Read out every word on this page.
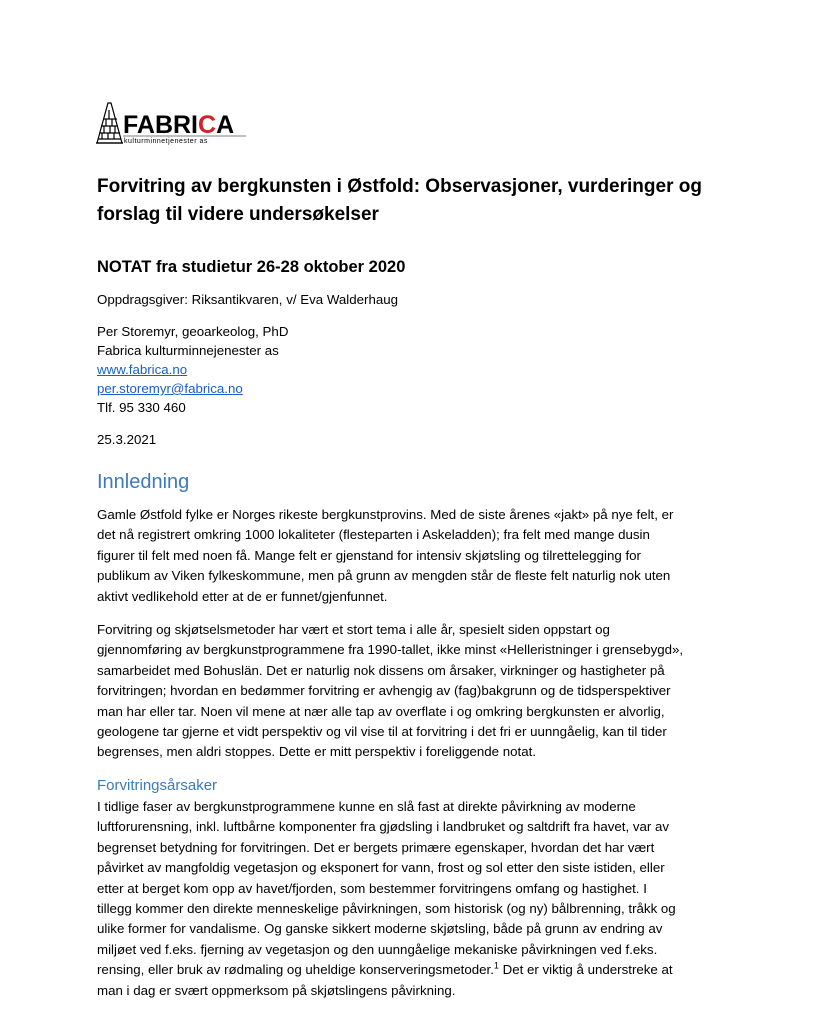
FABRICA
kulturminnetjenester as
Forvitring av bergkunsten i Østfold: Observasjoner, vurderinger og
forslag til videre undersøkelser

NOTAT fra studietur 26-28 oktober 2020

Oppdragsgiver: Riksantikvaren, v/ Eva Walderhaug

Per Storemyr, geoarkeolog, PhD

Fabrica kulturminnejenester as

www.fabrica.no

per.storemyr@fabrica.no

Tlf. 95 330 460

25.3.2021

Innledning
Gamle Østfold fylke er Norges rikeste bergkunstprovins. Med de siste årenes «jakt» på nye felt, er
det nå registrert omkring 1000 lokaliteter (flesteparten i Askeladden); fra felt med mange dusin
figurer til felt med noen få. Mange felt er gjenstand for intensiv skjøtsling og tilrettelegging for
publikum av Viken fylkeskommune, men på grunn av mengden står de fleste felt naturlig nok uten
aktivt vedlikehold etter at de er funnet/gjenfunnet.
Forvitring og skjøtselsmetoder har vært et stort tema i alle år, spesielt siden oppstart og
gjennomføring av bergkunstprogrammene fra 1990-tallet, ikke minst «Helleristninger i grensebygd»,
samarbeidet med Bohuslän. Det er naturlig nok dissens om årsaker, virkninger og hastigheter på
forvitringen; hvordan en bedømmer forvitring er avhengig av (fag)bakgrunn og de tidsperspektiver
man har eller tar. Noen vil mene at nær alle tap av overflate i og omkring bergkunsten er alvorlig,
geologene tar gjerne et vidt perspektiv og vil vise til at forvitring i det fri er uunngåelig, kan til tider
begrenses, men aldri stoppes. Dette er mitt perspektiv i foreliggende notat.
Forvitringsårsaker
I tidlige faser av bergkunstprogrammene kunne en slå fast at direkte påvirkning av moderne
luftforurensning, inkl. luftbårne komponenter fra gjødsling i landbruket og saltdrift fra havet, var av
begrenset betydning for forvitringen. Det er bergets primære egenskaper, hvordan det har vært
påvirket av mangfoldig vegetasjon og eksponert for vann, frost og sol etter den siste istiden, eller
etter at berget kom opp av havet/fjorden, som bestemmer forvitringens omfang og hastighet. I
tillegg kommer den direkte menneskelige påvirkningen, som historisk (og ny) bålbrenning, tråkk og
ulike former for vandalisme. Og ganske sikkert moderne skjøtsling, både på grunn av endring av
miljøet ved f.eks. fjerning av vegetasjon og den uunngåelige mekaniske påvirkningen ved f.eks.
rensing, eller bruk av rødmaling og uheldige konserveringsmetoder.$^1$ Det er viktig å understreke at
man i dag er svært oppmerksom på skjøtslingens påvirkning.
